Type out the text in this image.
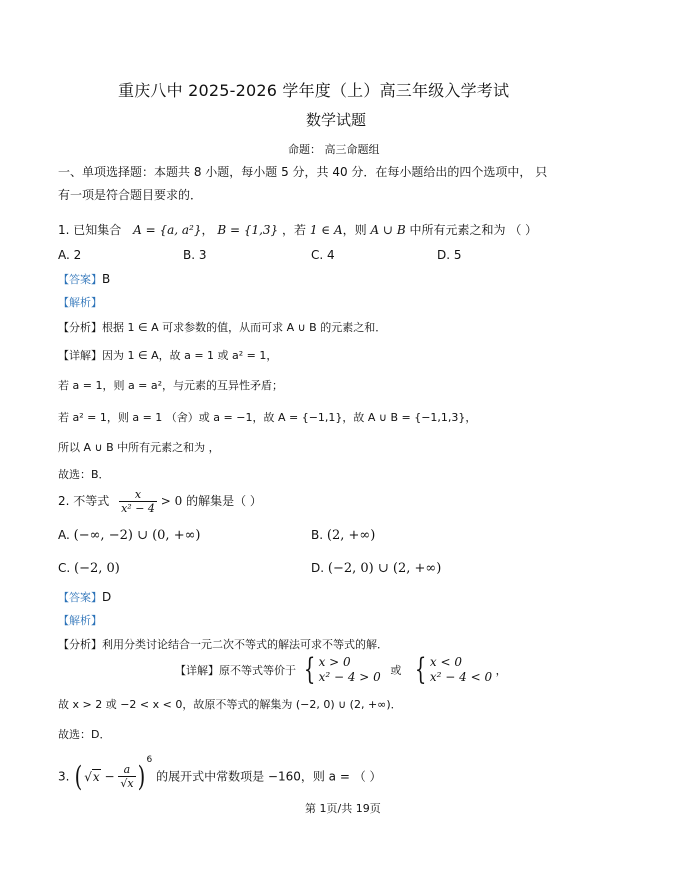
重庆八中 2025-2026 学年度（上）高三年级入学考试
数学试题
命题： 高三命题组
一、单项选择题：本题共 8 小题，每小题 5 分，共 40 分．在每小题给出的四个选项中， 只
有一项是符合题目要求的．
1. 已知集合 A = {a, a²}， B = {1,3} ，若 1 ∈ A，则 A ∪ B 中所有元素之和为 （ ）
A. 2	B. 3	C. 4	D. 5
【答案】B
【解析】
【分析】根据 1 ∈ A 可求参数的值，从而可求 A ∪ B 的元素之和．
【详解】因为 1 ∈ A，故 a = 1 或 a² = 1，
若 a = 1，则 a = a²，与元素的互异性矛盾；
若 a² = 1，则 a = 1 （舍）或 a = −1，故 A = {−1,1}，故 A ∪ B = {−1,1,3}，
所以 A ∪ B 中所有元素之和为 ，
故选：B．
2. 不等式 $\frac{x}{\text{x² − 4}} > 0$ 的解集是（ ）
A. (−∞, −2) ∪ (0, +∞)	B. (2, +∞)
C. (−2, 0)	D. (−2, 0) ∪ (2, +∞)
【答案】D
【解析】
【分析】利用分类讨论结合一元二次不等式的解法可求不等式的解．
【详解】原不等式等价于 { x > 0
x² − 4 > 0 或 { x < 0
x² − 4 < 0 ，
故 x > 2 或 −2 < x < 0，故原不等式的解集为 (−2, 0) ∪ (2, +∞)．
故选：D．
3. ( $√x - \frac{a}{√x}$ ) $^6$ 的展开式中常数项是 −160，则 a = （ ）
第 1页/共 19页
